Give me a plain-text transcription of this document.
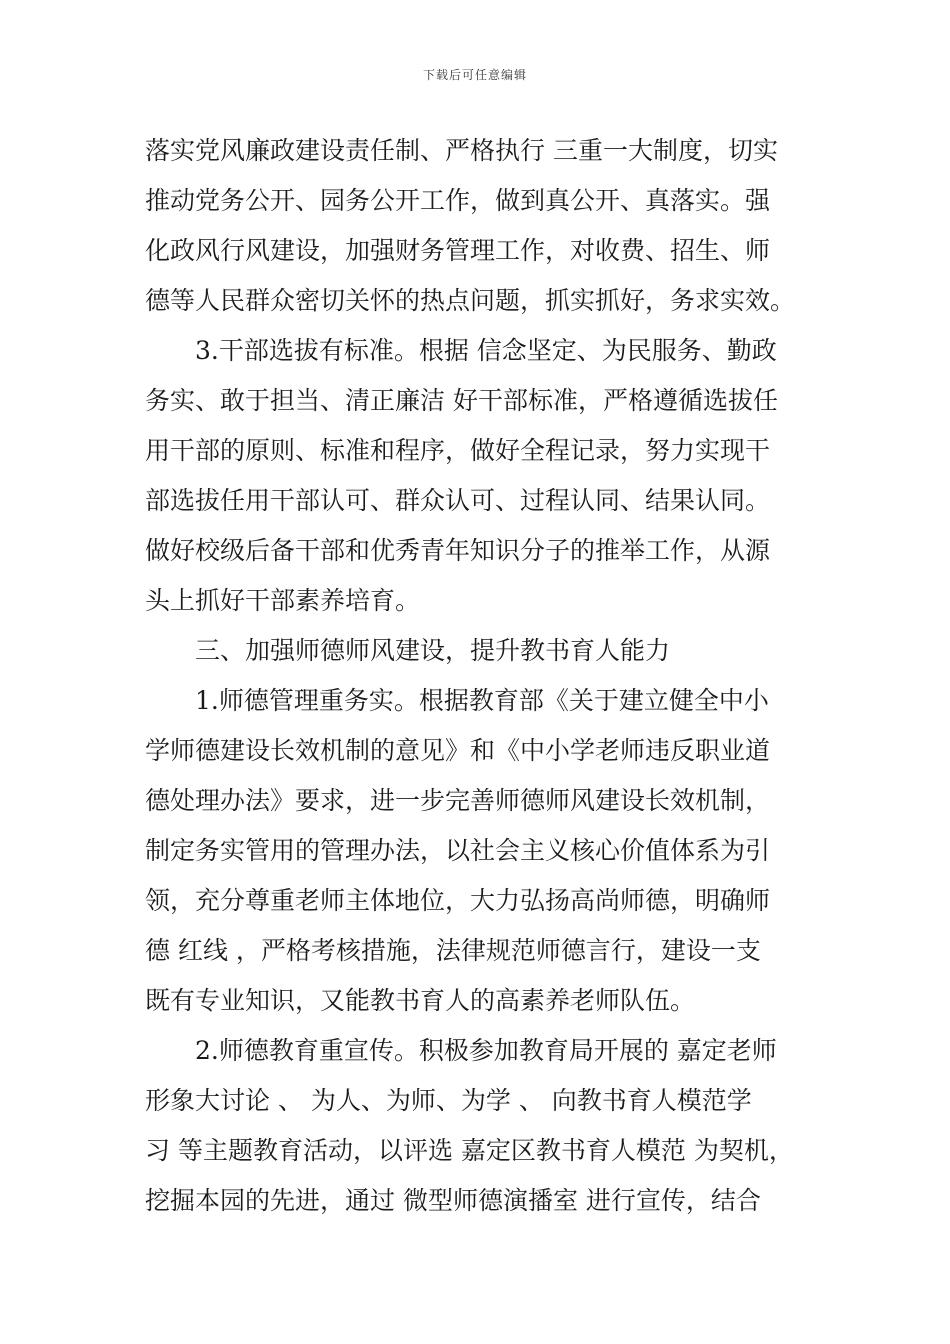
下载后可任意编辑
落实党风廉政建设责任制、严格执行 三重一大制度，切实
推动党务公开、园务公开工作，做到真公开、真落实。强
化政风行风建设，加强财务管理工作，对收费、招生、师
德等人民群众密切关怀的热点问题，抓实抓好，务求实效。
3.干部选拔有标准。根据 信念坚定、为民服务、勤政
务实、敢于担当、清正廉洁 好干部标准，严格遵循选拔任
用干部的原则、标准和程序，做好全程记录，努力实现干
部选拔任用干部认可、群众认可、过程认同、结果认同。
做好校级后备干部和优秀青年知识分子的推举工作，从源
头上抓好干部素养培育。
三、加强师德师风建设，提升教书育人能力
1.师德管理重务实。根据教育部《关于建立健全中小
学师德建设长效机制的意见》和《中小学老师违反职业道
德处理办法》要求，进一步完善师德师风建设长效机制，
制定务实管用的管理办法，以社会主义核心价值体系为引
领，充分尊重老师主体地位，大力弘扬高尚师德，明确师
德 红线 ，严格考核措施，法律规范师德言行，建设一支
既有专业知识，又能教书育人的高素养老师队伍。
2.师德教育重宣传。积极参加教育局开展的 嘉定老师
形象大讨论 、 为人、为师、为学 、 向教书育人模范学
习 等主题教育活动，以评选 嘉定区教书育人模范 为契机，
挖掘本园的先进，通过 微型师德演播室 进行宣传，结合
